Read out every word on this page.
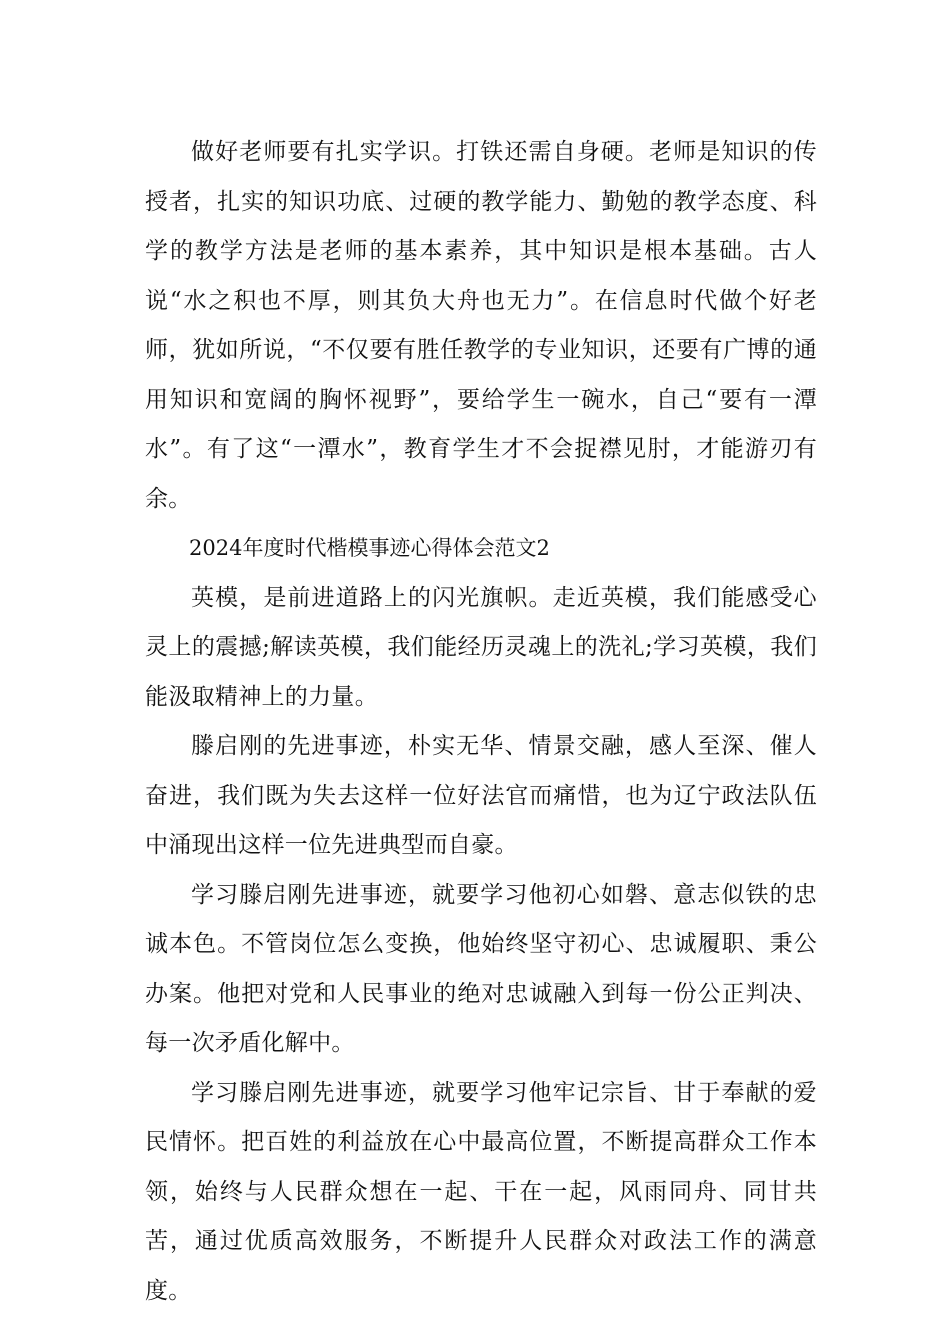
做好老师要有扎实学识。打铁还需自身硬。老师是知识的传授者，扎实的知识功底、过硬的教学能力、勤勉的教学态度、科学的教学方法是老师的基本素养，其中知识是根本基础。古人说“水之积也不厚，则其负大舟也无力”。在信息时代做个好老师，犹如所说，“不仅要有胜任教学的专业知识，还要有广博的通用知识和宽阔的胸怀视野”，要给学生一碗水，自己“要有一潭水”。有了这“一潭水”，教育学生才不会捉襟见肘，才能游刃有余。

2024年度时代楷模事迹心得体会范文2

英模，是前进道路上的闪光旗帜。走近英模，我们能感受心灵上的震撼;解读英模，我们能经历灵魂上的洗礼;学习英模，我们能汲取精神上的力量。

滕启刚的先进事迹，朴实无华、情景交融，感人至深、催人奋进，我们既为失去这样一位好法官而痛惜，也为辽宁政法队伍中涌现出这样一位先进典型而自豪。

学习滕启刚先进事迹，就要学习他初心如磐、意志似铁的忠诚本色。不管岗位怎么变换，他始终坚守初心、忠诚履职、秉公办案。他把对党和人民事业的绝对忠诚融入到每一份公正判决、每一次矛盾化解中。

学习滕启刚先进事迹，就要学习他牢记宗旨、甘于奉献的爱民情怀。把百姓的利益放在心中最高位置，不断提高群众工作本领，始终与人民群众想在一起、干在一起，风雨同舟、同甘共苦，通过优质高效服务，不断提升人民群众对政法工作的满意度。
